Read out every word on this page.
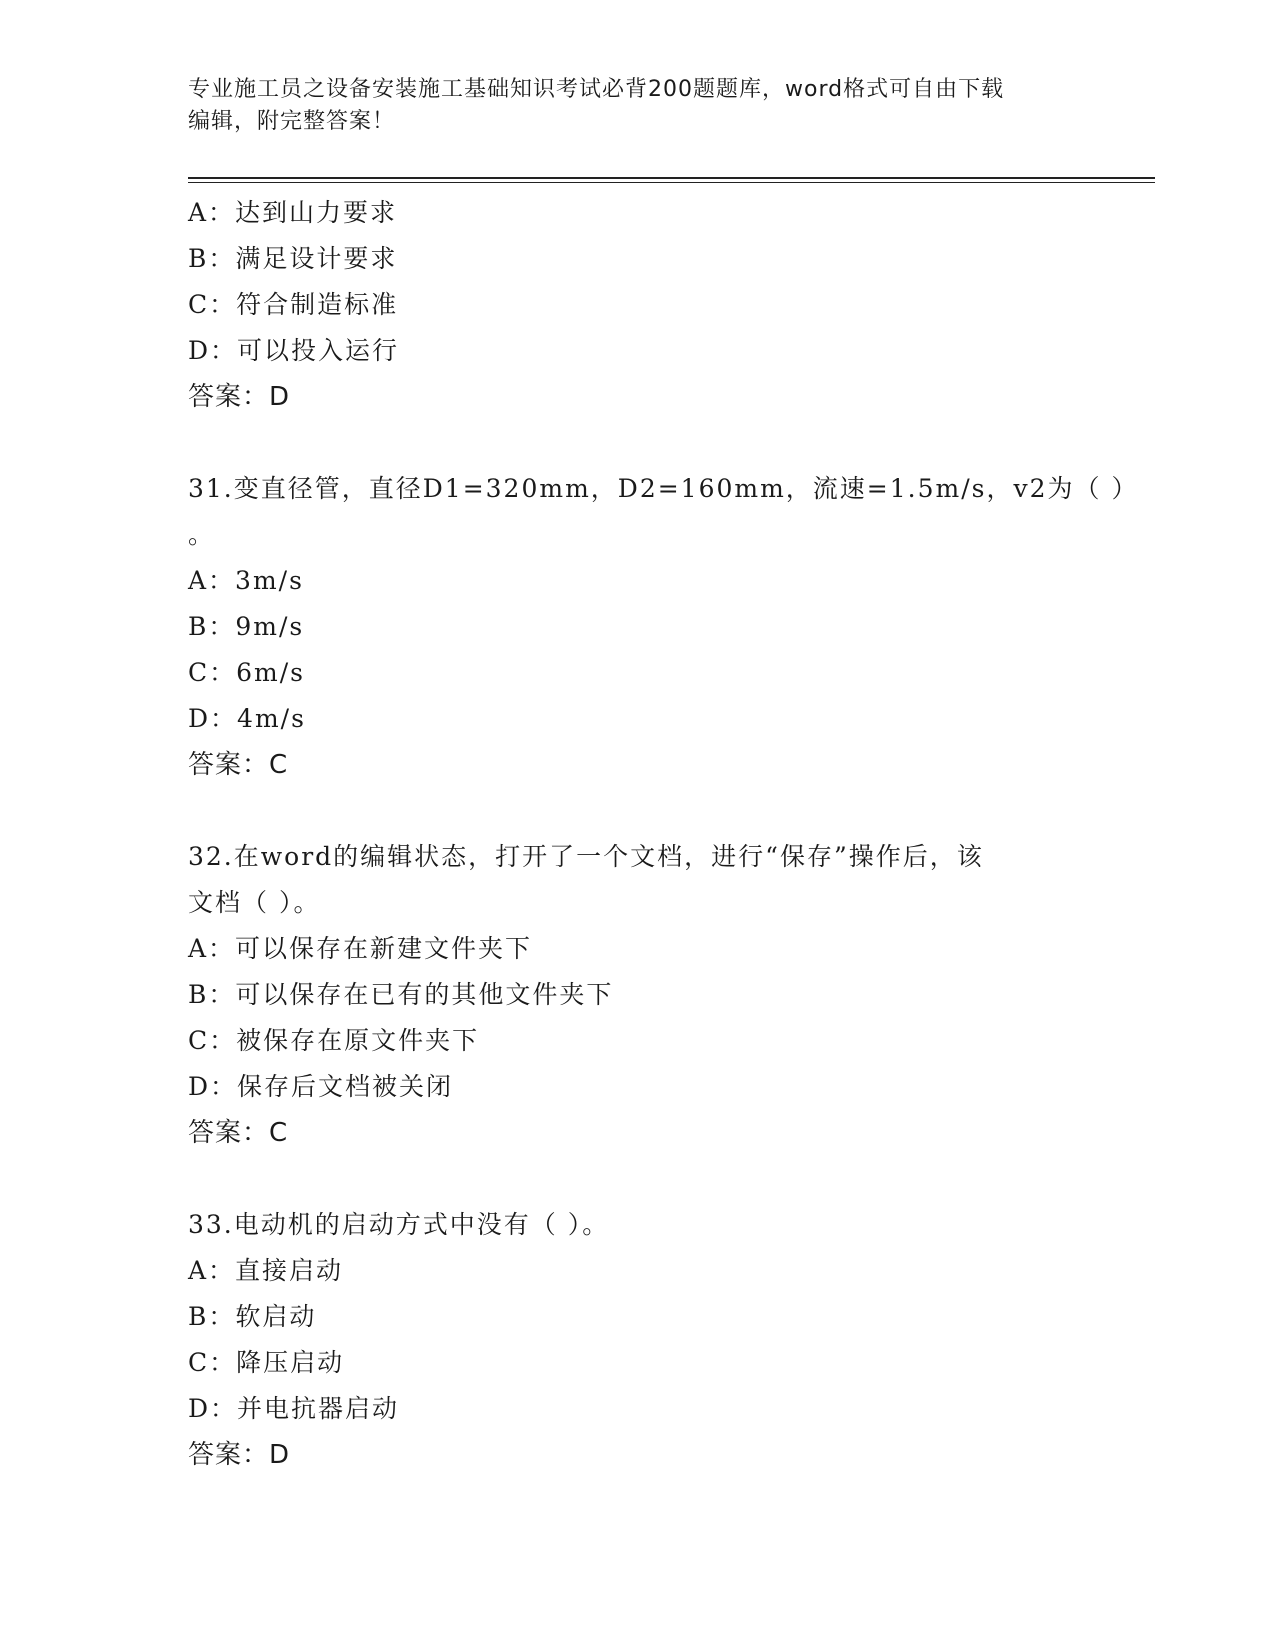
专业施工员之设备安装施工基础知识考试必背200题题库，word格式可自由下载
编辑，附完整答案！
A：达到山力要求
B：满足设计要求
C：符合制造标准
D：可以投入运行
答案：D
31.变直径管，直径D1=320mm，D2=160mm，流速=1.5m/s，v2为（ ）
。
A：3m/s
B：9m/s
C：6m/s
D：4m/s
答案：C
32.在word的编辑状态，打开了一个文档，进行“保存”操作后，该
文档（ ）。
A：可以保存在新建文件夹下
B：可以保存在已有的其他文件夹下
C：被保存在原文件夹下
D：保存后文档被关闭
答案：C
33.电动机的启动方式中没有（ ）。
A：直接启动
B：软启动
C：降压启动
D：并电抗器启动
答案：D
